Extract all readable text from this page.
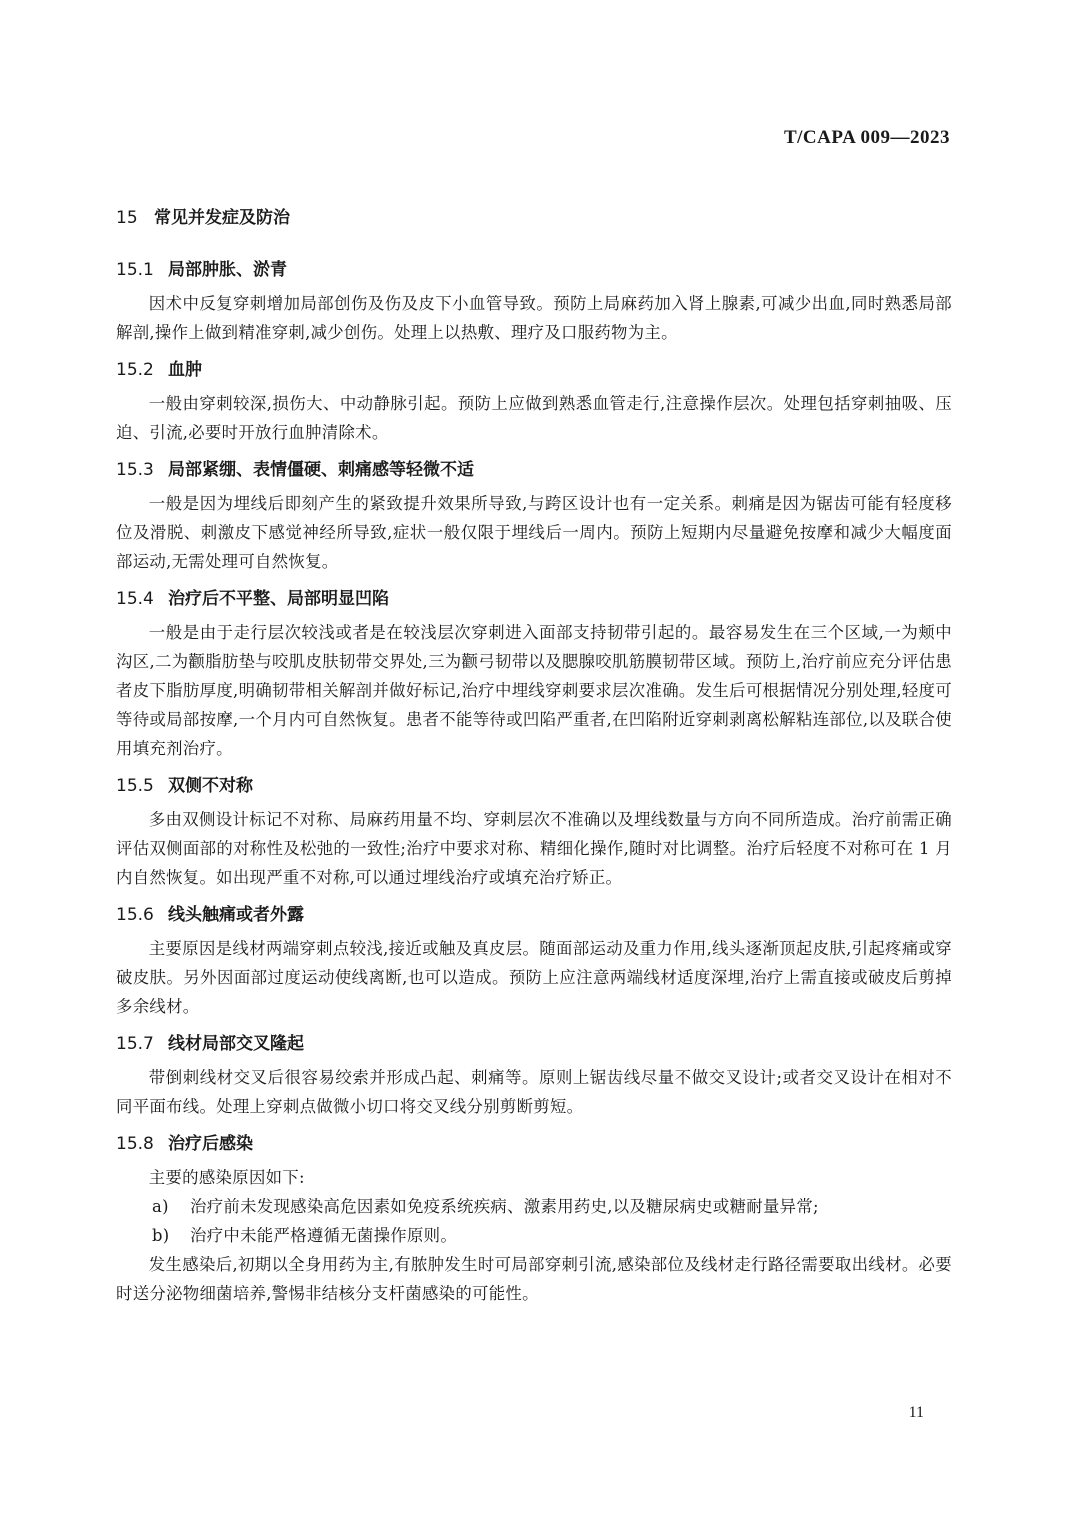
T/CAPA 009—2023
15 常见并发症及防治
15.1 局部肿胀、淤青

因术中反复穿刺增加局部创伤及伤及皮下小血管导致。预防上局麻药加入肾上腺素,可减少出血,同时熟悉局部解剖,操作上做到精准穿刺,减少创伤。处理上以热敷、理疗及口服药物为主。

15.2 血肿

一般由穿刺较深,损伤大、中动静脉引起。预防上应做到熟悉血管走行,注意操作层次。处理包括穿刺抽吸、压迫、引流,必要时开放行血肿清除术。

15.3 局部紧绷、表情僵硬、刺痛感等轻微不适

一般是因为埋线后即刻产生的紧致提升效果所导致,与跨区设计也有一定关系。刺痛是因为锯齿可能有轻度移位及滑脱、刺激皮下感觉神经所导致,症状一般仅限于埋线后一周内。预防上短期内尽量避免按摩和减少大幅度面部运动,无需处理可自然恢复。

15.4 治疗后不平整、局部明显凹陷

一般是由于走行层次较浅或者是在较浅层次穿刺进入面部支持韧带引起的。最容易发生在三个区域,一为颊中沟区,二为颧脂肪垫与咬肌皮肤韧带交界处,三为颧弓韧带以及腮腺咬肌筋膜韧带区域。预防上,治疗前应充分评估患者皮下脂肪厚度,明确韧带相关解剖并做好标记,治疗中埋线穿刺要求层次准确。发生后可根据情况分别处理,轻度可等待或局部按摩,一个月内可自然恢复。患者不能等待或凹陷严重者,在凹陷附近穿刺剥离松解粘连部位,以及联合使用填充剂治疗。

15.5 双侧不对称

多由双侧设计标记不对称、局麻药用量不均、穿刺层次不准确以及埋线数量与方向不同所造成。治疗前需正确评估双侧面部的对称性及松弛的一致性;治疗中要求对称、精细化操作,随时对比调整。治疗后轻度不对称可在 1 月内自然恢复。如出现严重不对称,可以通过埋线治疗或填充治疗矫正。

15.6 线头触痛或者外露

主要原因是线材两端穿刺点较浅,接近或触及真皮层。随面部运动及重力作用,线头逐渐顶起皮肤,引起疼痛或穿破皮肤。另外因面部过度运动使线离断,也可以造成。预防上应注意两端线材适度深埋,治疗上需直接或破皮后剪掉多余线材。

15.7 线材局部交叉隆起

带倒刺线材交叉后很容易绞索并形成凸起、刺痛等。原则上锯齿线尽量不做交叉设计;或者交叉设计在相对不同平面布线。处理上穿刺点做微小切口将交叉线分别剪断剪短。

15.8 治疗后感染

主要的感染原因如下:

a)	治疗前未发现感染高危因素如免疫系统疾病、激素用药史,以及糖尿病史或糖耐量异常;
b)	治疗中未能严格遵循无菌操作原则。

发生感染后,初期以全身用药为主,有脓肿发生时可局部穿刺引流,感染部位及线材走行路径需要取出线材。必要时送分泌物细菌培养,警惕非结核分支杆菌感染的可能性。

11
